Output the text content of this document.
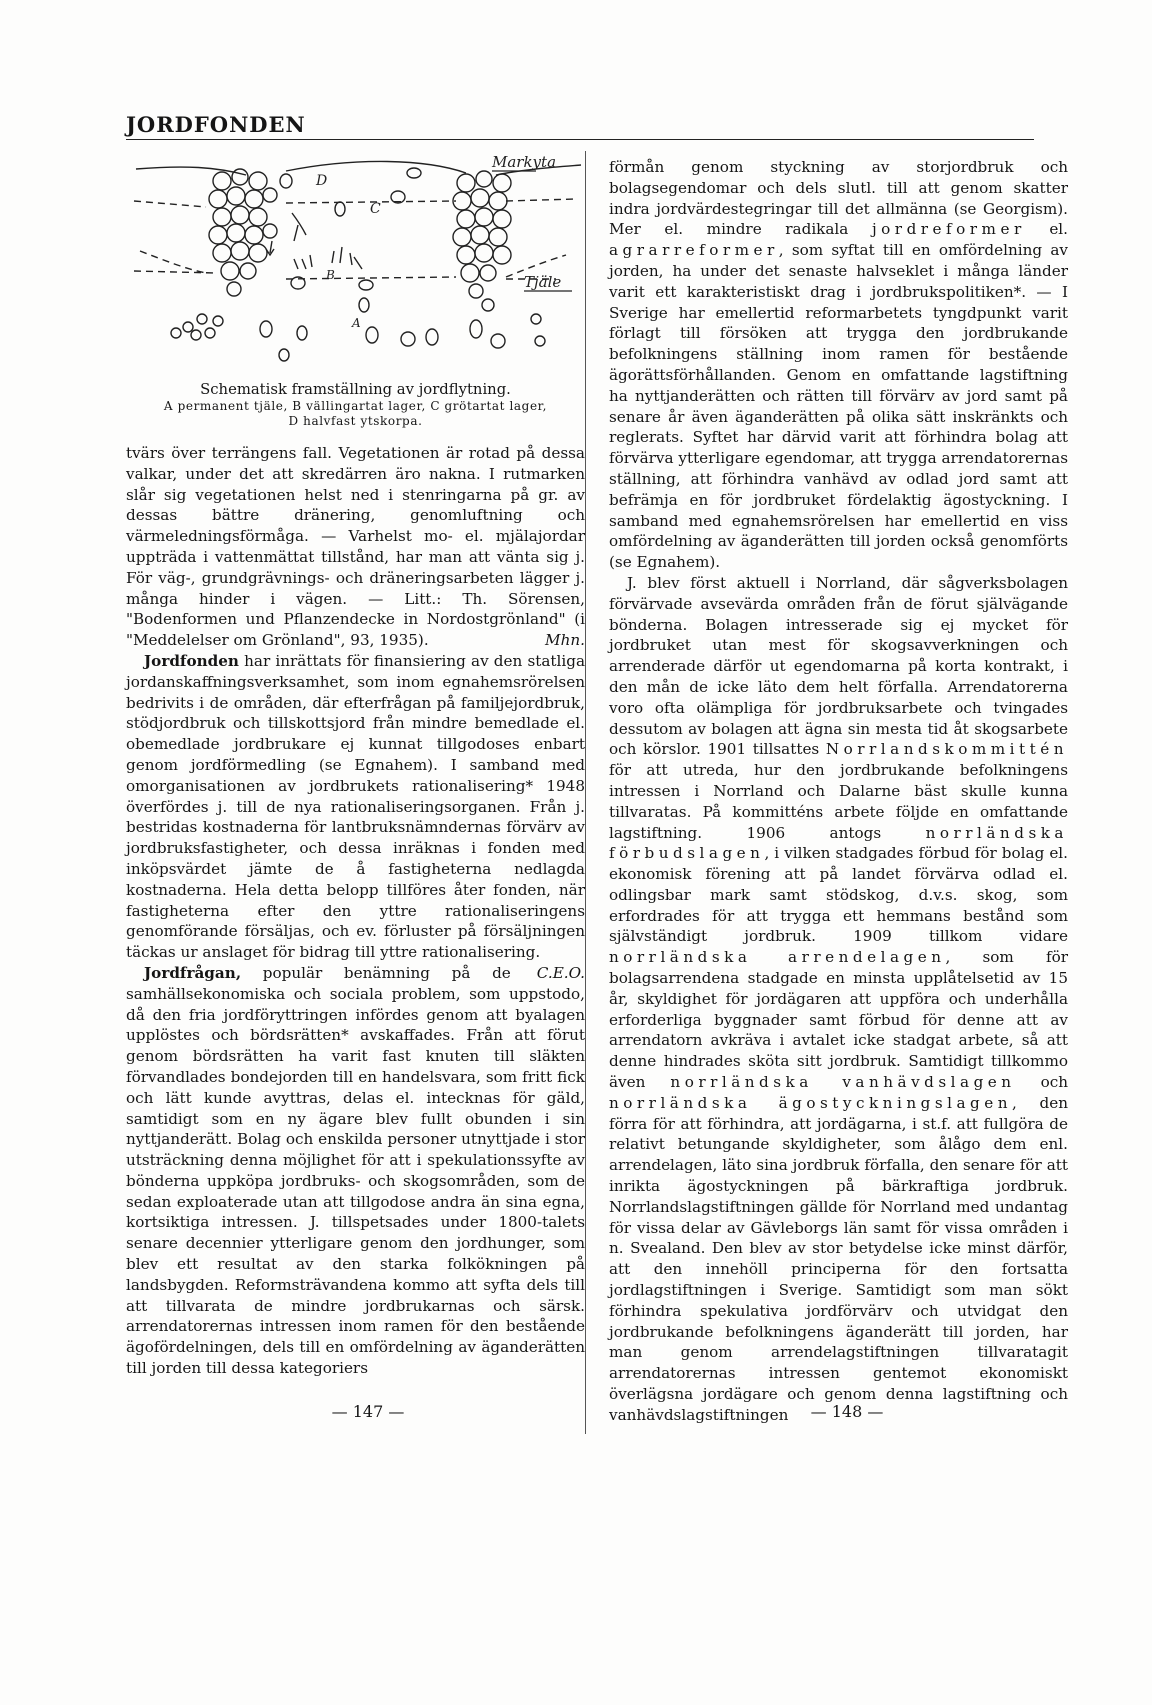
JORDFONDEN
D
C
B
A
Markyta
Tjäle
Schematisk framställning av jordflytning.
A permanent tjäle, B vällingartat lager, C grötartat lager,
D halvfast ytskorpa.

tvärs över terrängens fall. Vegetationen är rotad på dessa valkar, under det att skredärren äro nakna. I rutmarken slår sig vegetationen helst ned i stenringarna på gr. av dessas bättre dränering, genomluftning och värmeledningsförmåga. — Varhelst mo- el. mjälajordar uppträda i vattenmättat tillstånd, har man att vänta sig j. För väg-, grundgrävnings- och dräneringsarbeten lägger j. många hinder i vägen. — Litt.: Th. Sörensen, "Bodenformen und Pflanzendecke in Nordostgrönland" (i "Meddelelser om Grönland", 93, 1935).	Mhn.

Jordfonden har inrättats för finansiering av den statliga jordanskaffningsverksamhet, som inom egnahemsrörelsen bedrivits i de områden, där efterfrågan på familjejordbruk, stödjordbruk och tillskottsjord från mindre bemedlade el. obemedlade jordbrukare ej kunnat tillgodoses enbart genom jordförmedling (se Egnahem). I samband med omorganisationen av jordbrukets rationalisering* 1948 överfördes j. till de nya rationaliseringsorganen. Från j. bestridas kostnaderna för lantbruksnämndernas förvärv av jordbruksfastigheter, och dessa inräknas i fonden med inköpsvärdet jämte de å fastigheterna nedlagda kostnaderna. Hela detta belopp tillföres åter fonden, när fastigheterna efter den yttre rationaliseringens genomförande försäljas, och ev. förluster på försäljningen täckas ur anslaget för bidrag till yttre rationalisering.
C.E.O.

Jordfrågan, populär benämning på de samhällsekonomiska och sociala problem, som uppstodo, då den fria jordföryttringen infördes genom att byalagen upplöstes och bördsrätten* avskaffades. Från att förut genom bördsrätten ha varit fast knuten till släkten förvandlades bondejorden till en handelsvara, som fritt fick och lätt kunde avyttras, delas el. intecknas för gäld, samtidigt som en ny ägare blev fullt obunden i sin nyttjanderätt. Bolag och enskilda personer utnyttjade i stor utsträckning denna möjlighet för att i spekulationssyfte av bönderna uppköpa jordbruks- och skogsområden, som de sedan exploaterade utan att tillgodose andra än sina egna, kortsiktiga intressen. J. tillspetsades under 1800-talets senare decennier ytterligare genom den jordhunger, som blev ett resultat av den starka folkökningen på landsbygden. Reformsträvandena kommo att syfta dels till att tillvarata de mindre jordbrukarnas och särsk. arrendatorernas intressen inom ramen för den bestående ägofördelningen, dels till en omfördelning av äganderätten till jorden till dessa kategoriers

förmån genom styckning av storjordbruk och bolagsegendomar och dels slutl. till att genom skatter indra jordvärdestegringar till det allmänna (se Georgism). Mer el. mindre radikala jordreformer el. agrarreformer, som syftat till en omfördelning av jorden, ha under det senaste halvseklet i många länder varit ett karakteristiskt drag i jordbrukspolitiken*. — I Sverige har emellertid reformarbetets tyngdpunkt varit förlagt till försöken att trygga den jordbrukande befolkningens ställning inom ramen för bestående ägorättsförhållanden. Genom en omfattande lagstiftning ha nyttjanderätten och rätten till förvärv av jord samt på senare år även äganderätten på olika sätt inskränkts och reglerats. Syftet har därvid varit att förhindra bolag att förvärva ytterligare egendomar, att trygga arrendatorernas ställning, att förhindra vanhävd av odlad jord samt att befrämja en för jordbruket fördelaktig ägostyckning. I samband med egnahemsrörelsen har emellertid en viss omfördelning av äganderätten till jorden också genomförts (se Egnahem).

J. blev först aktuell i Norrland, där sågverksbolagen förvärvade avsevärda områden från de förut självägande bönderna. Bolagen intresserade sig ej mycket för jordbruket utan mest för skogsavverkningen och arrenderade därför ut egendomarna på korta kontrakt, i den mån de icke läto dem helt förfalla. Arrendatorerna voro ofta olämpliga för jordbruksarbete och tvingades dessutom av bolagen att ägna sin mesta tid åt skogsarbete och körslor. 1901 tillsattes Norrlandskommittén för att utreda, hur den jordbrukande befolkningens intressen i Norrland och Dalarne bäst skulle kunna tillvaratas. På kommitténs arbete följde en omfattande lagstiftning. 1906 antogs norrländska förbudslagen, i vilken stadgades förbud för bolag el. ekonomisk förening att på landet förvärva odlad el. odlingsbar mark samt stödskog, d.v.s. skog, som erfordrades för att trygga ett hemmans bestånd som självständigt jordbruk. 1909 tillkom vidare norrländska arrendelagen, som för bolagsarrendena stadgade en minsta upplåtelsetid av 15 år, skyldighet för jordägaren att uppföra och underhålla erforderliga byggnader samt förbud för denne att av arrendatorn avkräva i avtalet icke stadgat arbete, så att denne hindrades sköta sitt jordbruk. Samtidigt tillkommo även norrländska vanhävdslagen och norrländska ägostyckningslagen, den förra för att förhindra, att jordägarna, i st.f. att fullgöra de relativt betungande skyldigheter, som ålågo dem enl. arrendelagen, läto sina jordbruk förfalla, den senare för att inrikta ägostyckningen på bärkraftiga jordbruk. Norrlandslagstiftningen gällde för Norrland med undantag för vissa delar av Gävleborgs län samt för vissa områden i n. Svealand. Den blev av stor betydelse icke minst därför, att den innehöll principerna för den fortsatta jordlagstiftningen i Sverige. Samtidigt som man sökt förhindra spekulativa jordförvärv och utvidgat den jordbrukande befolkningens äganderätt till jorden, har man genom arrendelagstiftningen tillvaratagit arrendatorernas intressen gentemot ekonomiskt överlägsna jordägare och genom denna lagstiftning och vanhävdslagstiftningen

— 147 —	— 148 —
